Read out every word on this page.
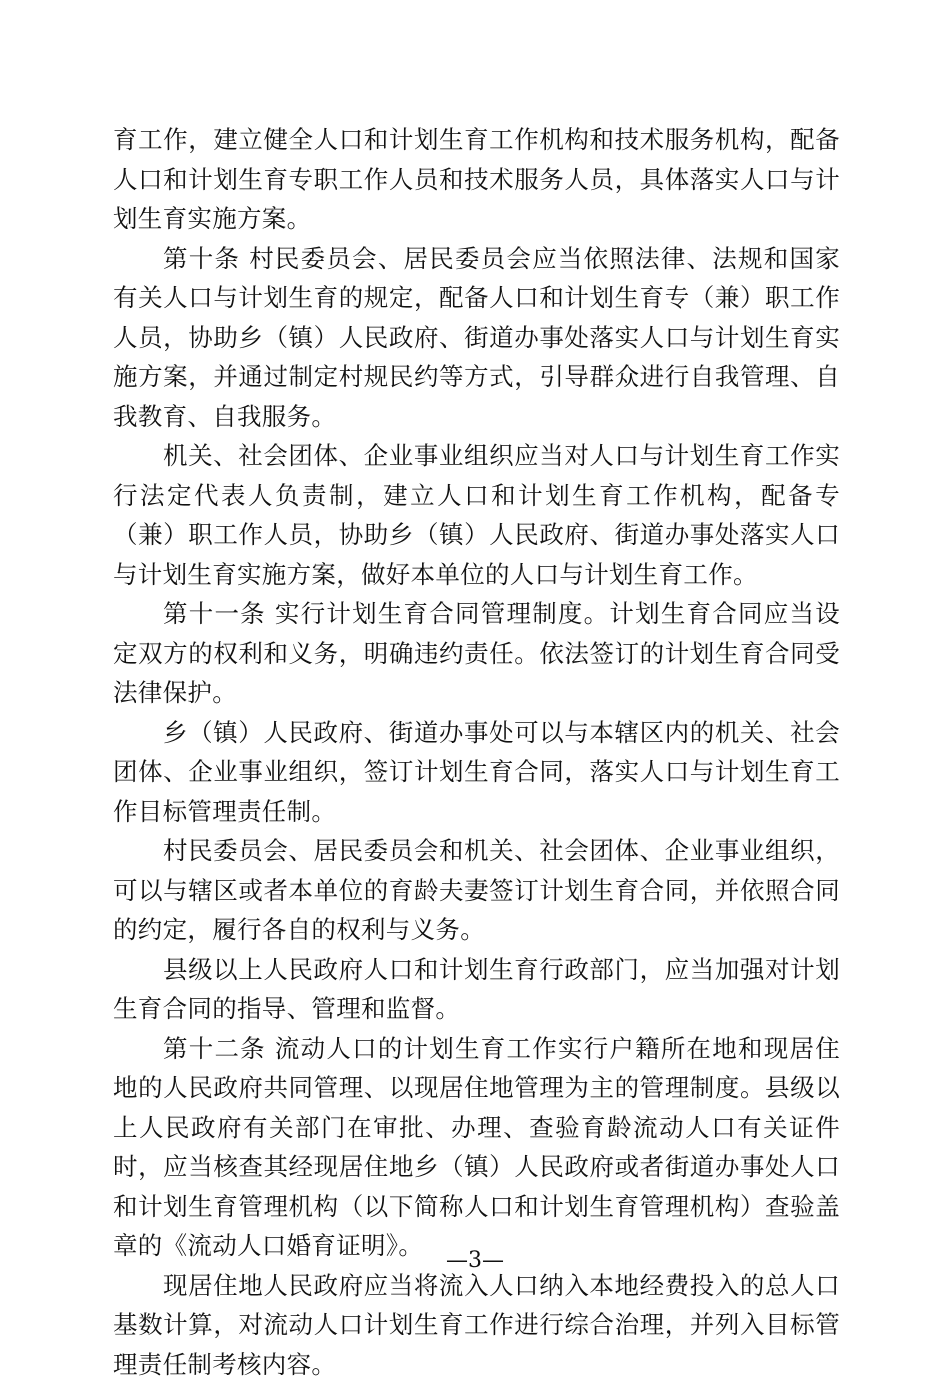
育工作，建立健全人口和计划生育工作机构和技术服务机构，配备人口和计划生育专职工作人员和技术服务人员，具体落实人口与计划生育实施方案。

第十条 村民委员会、居民委员会应当依照法律、法规和国家有关人口与计划生育的规定，配备人口和计划生育专（兼）职工作人员，协助乡（镇）人民政府、街道办事处落实人口与计划生育实施方案，并通过制定村规民约等方式，引导群众进行自我管理、自我教育、自我服务。

机关、社会团体、企业事业组织应当对人口与计划生育工作实行法定代表人负责制，建立人口和计划生育工作机构，配备专（兼）职工作人员，协助乡（镇）人民政府、街道办事处落实人口与计划生育实施方案，做好本单位的人口与计划生育工作。

第十一条 实行计划生育合同管理制度。计划生育合同应当设定双方的权利和义务，明确违约责任。依法签订的计划生育合同受法律保护。

乡（镇）人民政府、街道办事处可以与本辖区内的机关、社会团体、企业事业组织，签订计划生育合同，落实人口与计划生育工作目标管理责任制。

村民委员会、居民委员会和机关、社会团体、企业事业组织，可以与辖区或者本单位的育龄夫妻签订计划生育合同，并依照合同的约定，履行各自的权利与义务。

县级以上人民政府人口和计划生育行政部门，应当加强对计划生育合同的指导、管理和监督。

第十二条 流动人口的计划生育工作实行户籍所在地和现居住地的人民政府共同管理、以现居住地管理为主的管理制度。县级以上人民政府有关部门在审批、办理、查验育龄流动人口有关证件时，应当核查其经现居住地乡（镇）人民政府或者街道办事处人口和计划生育管理机构（以下简称人口和计划生育管理机构）查验盖章的《流动人口婚育证明》。

现居住地人民政府应当将流入人口纳入本地经费投入的总人口基数计算，对流动人口计划生育工作进行综合治理，并列入目标管理责任制考核内容。

—3—
